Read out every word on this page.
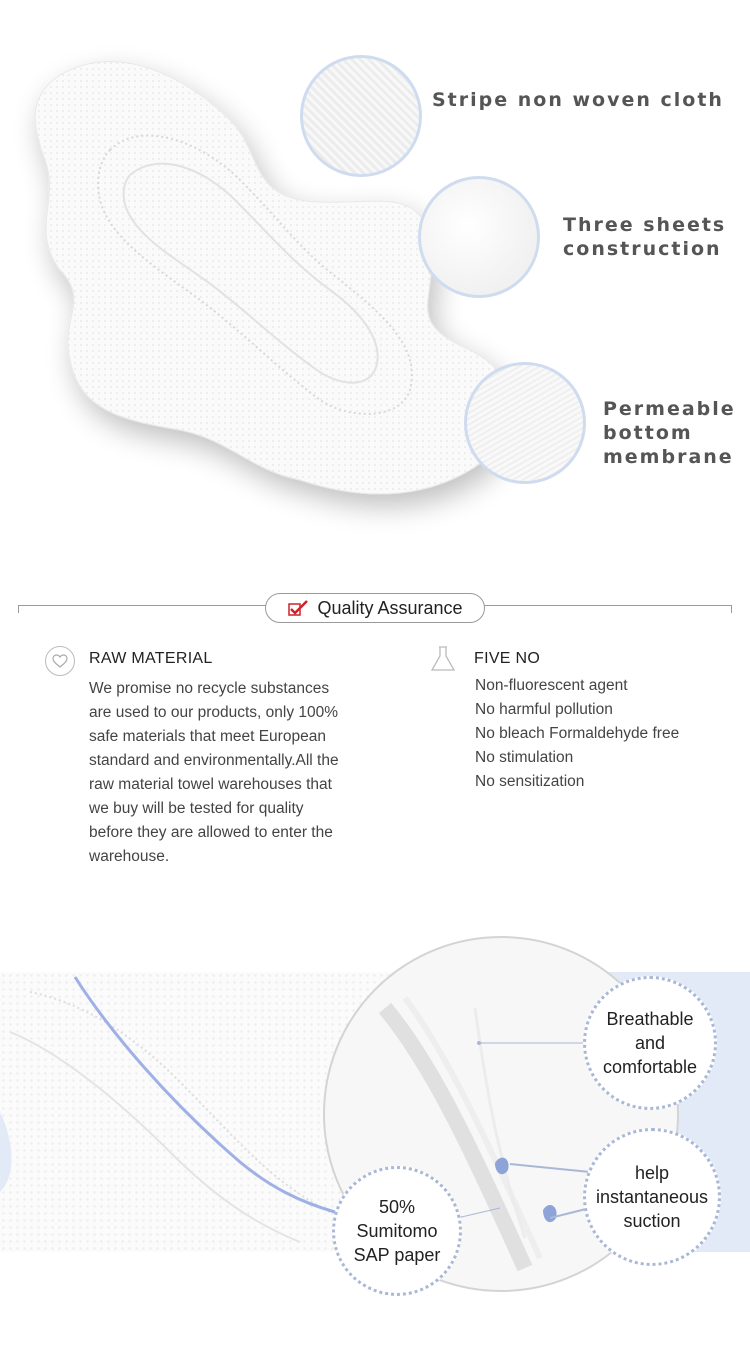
Stripe non woven cloth
Three sheets
construction
Permeable
bottom
membrane
Quality Assurance
RAW MATERIAL
We promise no recycle substances
are used to our products, only 100%
safe materials that meet European
standard and environmentally.All the
raw material towel warehouses that
we buy will be tested for quality
before they are allowed to enter the
warehouse.
FIVE NO
Non-fluorescent agent
No harmful pollution
No bleach Formaldehyde free
No stimulation
No sensitization
Breathable
and
comfortable
help
instantaneous
suction
50%
Sumitomo
SAP paper
